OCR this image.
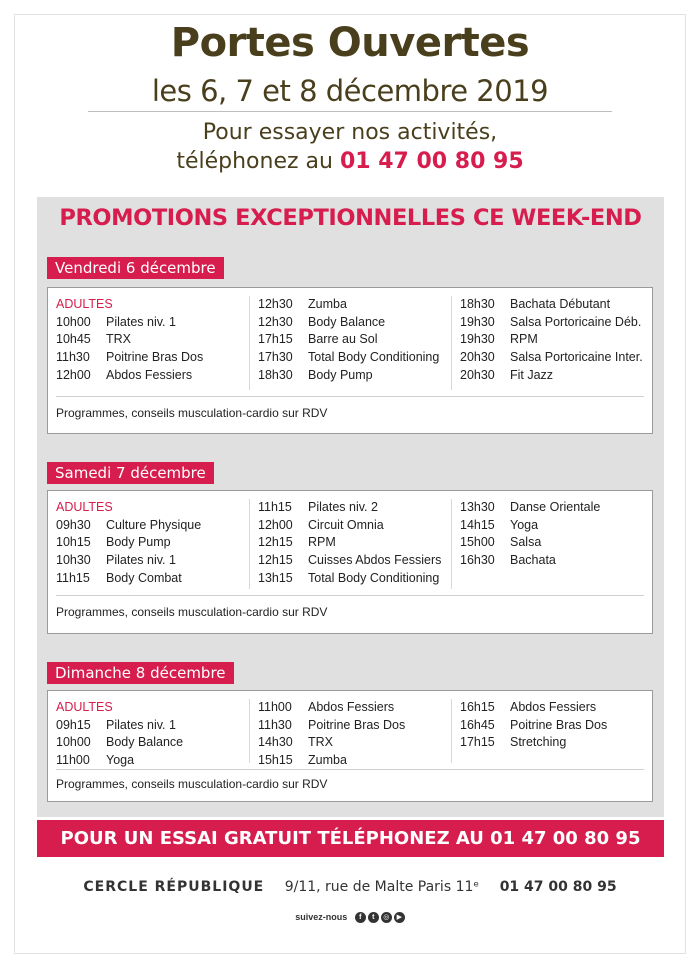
Portes Ouvertes
les 6, 7 et 8 décembre 2019
Pour essayer nos activités,
téléphonez au 01 47 00 80 95
PROMOTIONS EXCEPTIONNELLES CE WEEK-END
Vendredi 6 décembre
ADULTES
10h00 Pilates niv. 1
10h45 TRX
11h30 Poitrine Bras Dos
12h00 Abdos Fessiers
12h30 Zumba
12h30 Body Balance
17h15 Barre au Sol
17h30 Total Body Conditioning
18h30 Body Pump
18h30 Bachata Débutant
19h30 Salsa Portoricaine Déb.
19h30 RPM
20h30 Salsa Portoricaine Inter.
20h30 Fit Jazz
Programmes, conseils musculation-cardio sur RDV
Samedi 7 décembre
ADULTES
09h30 Culture Physique
10h15 Body Pump
10h30 Pilates niv. 1
11h15 Body Combat
11h15 Pilates niv. 2
12h00 Circuit Omnia
12h15 RPM
12h15 Cuisses Abdos Fessiers
13h15 Total Body Conditioning
13h30 Danse Orientale
14h15 Yoga
15h00 Salsa
16h30 Bachata
Programmes, conseils musculation-cardio sur RDV
Dimanche 8 décembre
ADULTES
09h15 Pilates niv. 1
10h00 Body Balance
11h00 Yoga
11h00 Abdos Fessiers
11h30 Poitrine Bras Dos
14h30 TRX
15h15 Zumba
16h15 Abdos Fessiers
16h45 Poitrine Bras Dos
17h15 Stretching
Programmes, conseils musculation-cardio sur RDV
POUR UN ESSAI GRATUIT TÉLÉPHONEZ AU 01 47 00 80 95
CERCLE RÉPUBLIQUE 9/11, rue de Malte Paris 11ᵉ 01 47 00 80 95
suivez-nous	f	t	◎	▶
